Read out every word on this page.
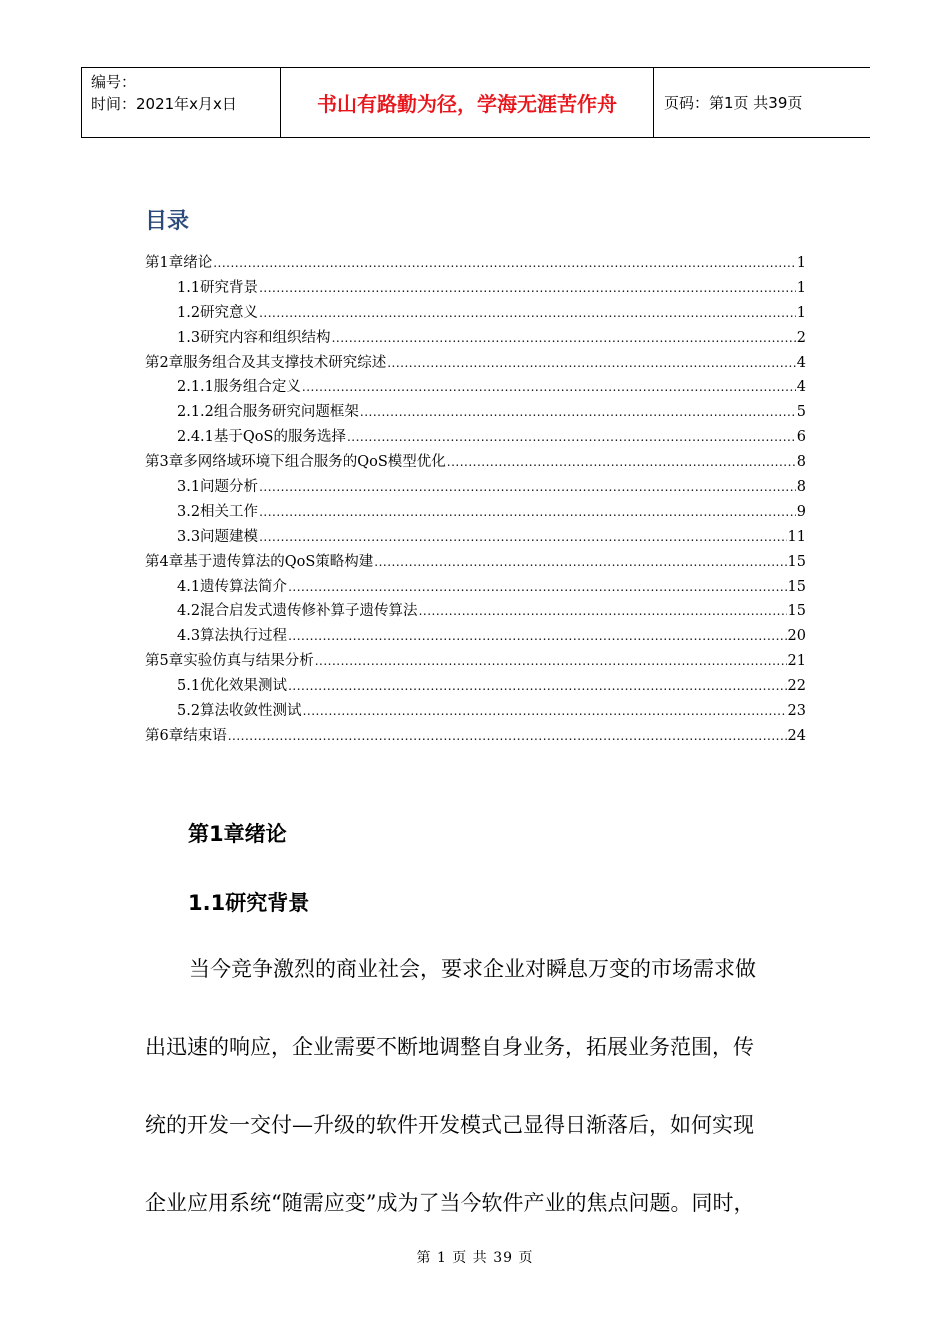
编号：
时间：2021年x月x日	书山有路勤为径，学海无涯苦作舟	页码：第1页 共39页
目录
第1章绪论 .....	1
1.1研究背景 .....	1
1.2研究意义 .....	1
1.3研究内容和组织结构 .....	2
第2章服务组合及其支撑技术研究综述 .....	4
2.1.1服务组合定义 .....	4
2.1.2组合服务研究问题框架 .....	5
2.4.1基于QoS的服务选择 .....	6
第3章多网络域环境下组合服务的QoS模型优化 .....	8
3.1问题分析 .....	8
3.2相关工作 .....	9
3.3问题建模 .....	11
第4章基于遗传算法的QoS策略构建 .....	15
4.1遗传算法简介 .....	15
4.2混合启发式遗传修补算子遗传算法 .....	15
4.3算法执行过程 .....	20
第5章实验仿真与结果分析 .....	21
5.1优化效果测试 .....	22
5.2算法收敛性测试 .....	23
第6章结束语 .....	24
第1章绪论
1.1研究背景
当今竞争激烈的商业社会，要求企业对瞬息万变的市场需求做
出迅速的响应，企业需要不断地调整自身业务，拓展业务范围，传
统的开发一交付—升级的软件开发模式己显得日渐落后，如何实现
企业应用系统“随需应变”成为了当今软件产业的焦点问题。同时，
第 1 页 共 39 页
